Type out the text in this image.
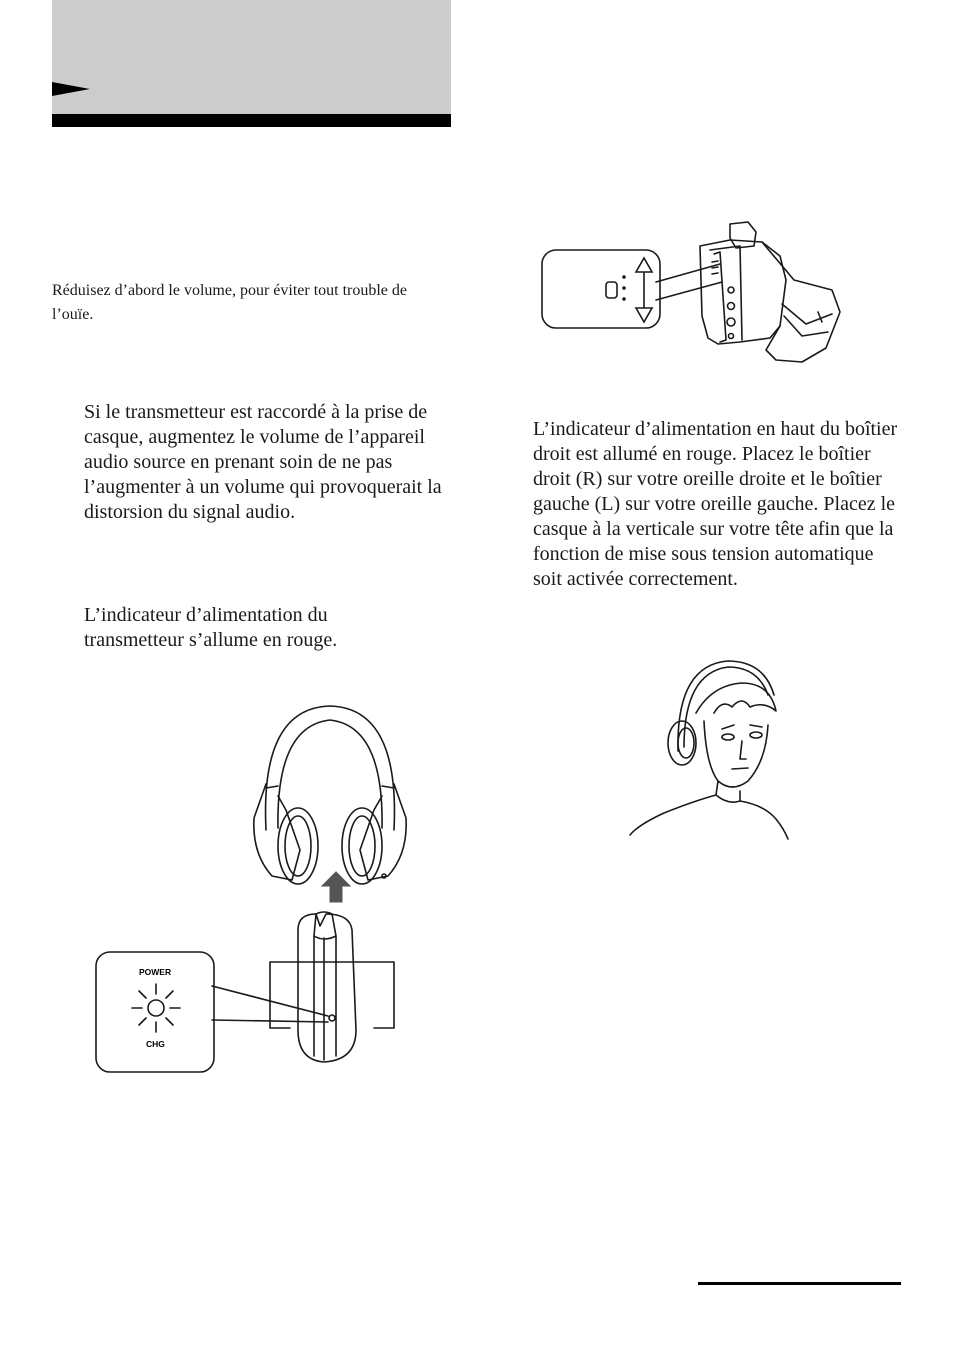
Réduisez d’abord le volume, pour éviter tout trouble de l’ouïe.
Si le transmetteur est raccordé à la prise de casque, augmentez le volume de l’appareil audio source en prenant soin de ne pas l’augmenter à un volume qui provoquerait la distorsion du signal audio.
L’indicateur d’alimentation du transmetteur s’allume en rouge.
L’indicateur d’alimentation en haut du boîtier droit est allumé en rouge. Placez le boîtier droit (R) sur votre oreille droite et le boîtier gauche (L) sur votre oreille gauche. Placez le casque à la verticale sur votre tête afin que la fonction de mise sous tension automatique soit activée correctement.
POWER
CHG
